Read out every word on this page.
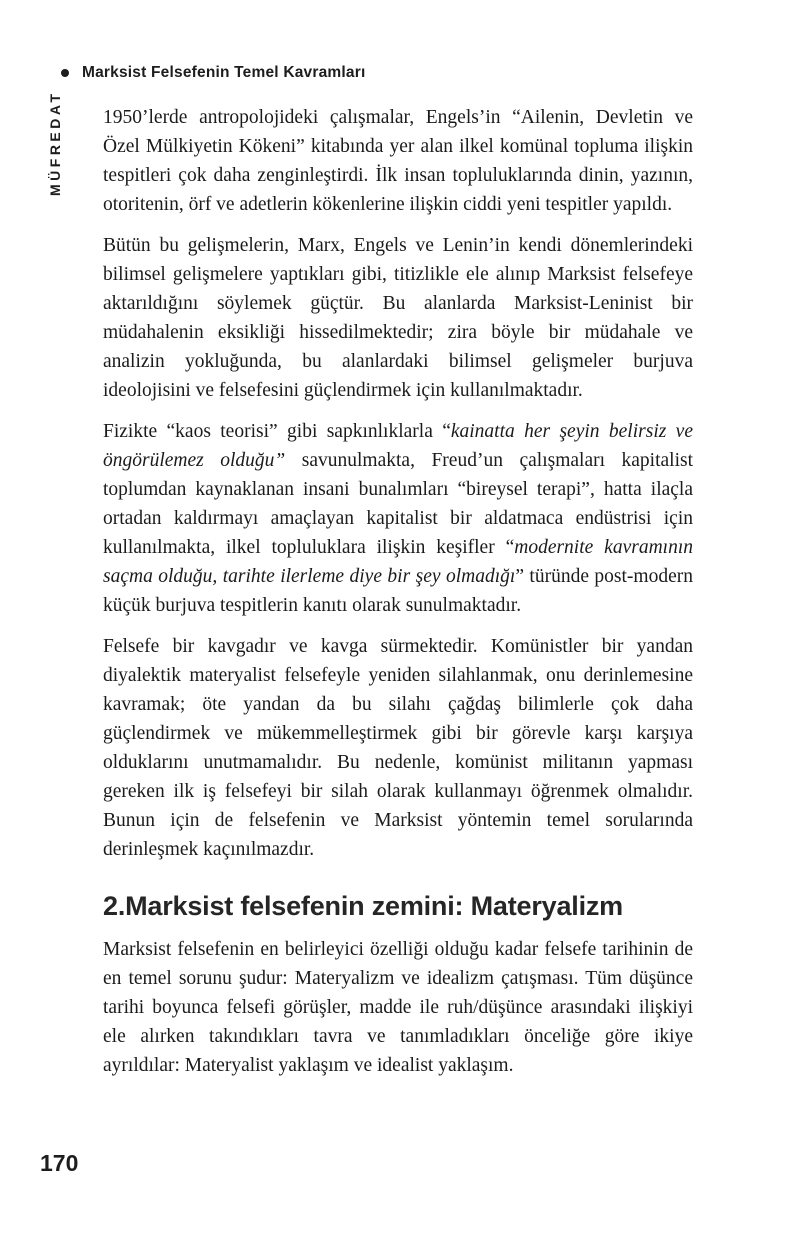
Marksist Felsefenin Temel Kavramları
MÜFREDAT 1950’lerde antropolojideki çalışmalar, Engels’in “Ailenin, Devletin ve Özel Mülkiyetin Kökeni” kitabında yer alan ilkel komünal topluma ilişkin tespitleri çok daha zenginleştirdi. İlk insan topluluklarında dinin, yazının, otoritenin, örf ve adetlerin kökenlerine ilişkin ciddi yeni tespitler yapıldı.

Bütün bu gelişmelerin, Marx, Engels ve Lenin’in kendi dönemlerindeki bilimsel gelişmelere yaptıkları gibi, titizlikle ele alınıp Marksist felsefeye aktarıldığını söylemek güçtür. Bu alanlarda Marksist-Leninist bir müdahalenin eksikliği hissedilmektedir; zira böyle bir müdahale ve analizin yokluğunda, bu alanlardaki bilimsel gelişmeler burjuva ideolojisini ve felsefesini güçlendirmek için kullanılmaktadır.

Fizikte “kaos teorisi” gibi sapkınlıklarla “kainatta her şeyin belirsiz ve öngörülemez olduğu” savunulmakta, Freud’un çalışmaları kapitalist toplumdan kaynaklanan insani bunalımları “bireysel terapi”, hatta ilaçla ortadan kaldırmayı amaçlayan kapitalist bir aldatmaca endüstrisi için kullanılmakta, ilkel topluluklara ilişkin keşifler “modernite kavramının saçma olduğu, tarihte ilerleme diye bir şey olmadığı” türünde post-modern küçük burjuva tespitlerin kanıtı olarak sunulmaktadır.

Felsefe bir kavgadır ve kavga sürmektedir. Komünistler bir yandan diyalektik materyalist felsefeyle yeniden silahlanmak, onu derinlemesine kavramak; öte yandan da bu silahı çağdaş bilimlerle çok daha güçlendirmek ve mükemmelleştirmek gibi bir görevle karşı karşıya olduklarını unutmamalıdır. Bu nedenle, komünist militanın yapması gereken ilk iş felsefeyi bir silah olarak kullanmayı öğrenmek olmalıdır. Bunun için de felsefenin ve Marksist yöntemin temel sorularında derinleşmek kaçınılmazdır.

2.Marksist felsefenin zemini: Materyalizm

Marksist felsefenin en belirleyici özelliği olduğu kadar felsefe tarihinin de en temel sorunu şudur: Materyalizm ve idealizm çatışması. Tüm düşünce tarihi boyunca felsefi görüşler, madde ile ruh/düşünce arasındaki ilişkiyi ele alırken takındıkları tavra ve tanımladıkları önceliğe göre ikiye ayrıldılar: Materyalist yaklaşım ve idealist yaklaşım.

170
